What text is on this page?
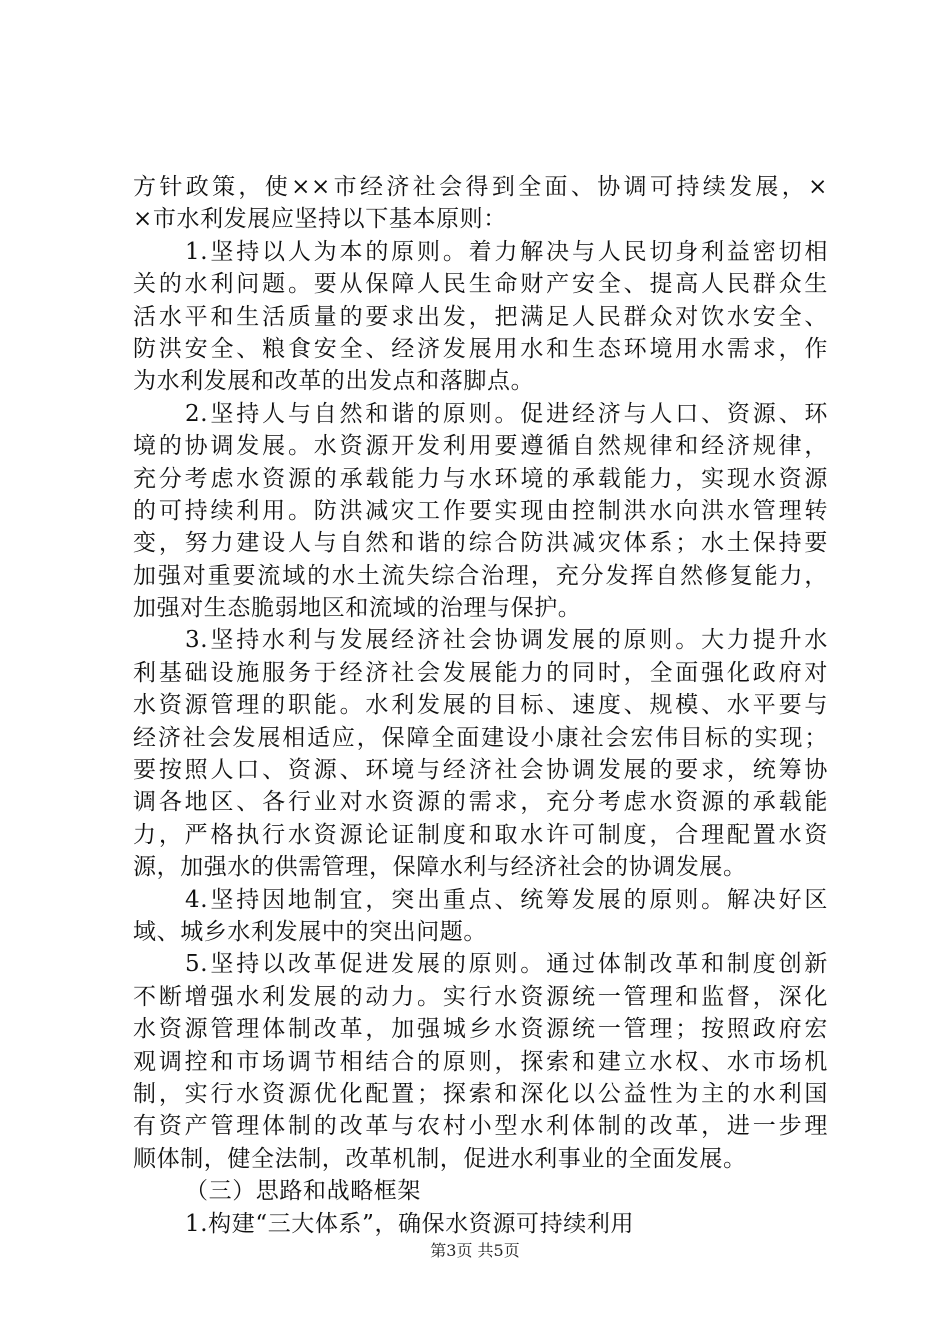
方针政策，使××市经济社会得到全面、协调可持续发展，×
×市水利发展应坚持以下基本原则：
1.坚持以人为本的原则。着力解决与人民切身利益密切相
关的水利问题。要从保障人民生命财产安全、提高人民群众生
活水平和生活质量的要求出发，把满足人民群众对饮水安全、
防洪安全、粮食安全、经济发展用水和生态环境用水需求，作
为水利发展和改革的出发点和落脚点。
2.坚持人与自然和谐的原则。促进经济与人口、资源、环
境的协调发展。水资源开发利用要遵循自然规律和经济规律，
充分考虑水资源的承载能力与水环境的承载能力，实现水资源
的可持续利用。防洪减灾工作要实现由控制洪水向洪水管理转
变，努力建设人与自然和谐的综合防洪减灾体系；水土保持要
加强对重要流域的水土流失综合治理，充分发挥自然修复能力，
加强对生态脆弱地区和流域的治理与保护。
3.坚持水利与发展经济社会协调发展的原则。大力提升水
利基础设施服务于经济社会发展能力的同时，全面强化政府对
水资源管理的职能。水利发展的目标、速度、规模、水平要与
经济社会发展相适应，保障全面建设小康社会宏伟目标的实现；
要按照人口、资源、环境与经济社会协调发展的要求，统筹协
调各地区、各行业对水资源的需求，充分考虑水资源的承载能
力，严格执行水资源论证制度和取水许可制度，合理配置水资
源，加强水的供需管理，保障水利与经济社会的协调发展。
4.坚持因地制宜，突出重点、统筹发展的原则。解决好区
域、城乡水利发展中的突出问题。
5.坚持以改革促进发展的原则。通过体制改革和制度创新
不断增强水利发展的动力。实行水资源统一管理和监督，深化
水资源管理体制改革，加强城乡水资源统一管理；按照政府宏
观调控和市场调节相结合的原则，探索和建立水权、水市场机
制，实行水资源优化配置；探索和深化以公益性为主的水利国
有资产管理体制的改革与农村小型水利体制的改革，进一步理
顺体制，健全法制，改革机制，促进水利事业的全面发展。
（三）思路和战略框架
1.构建“三大体系”，确保水资源可持续利用
第3页 共5页
